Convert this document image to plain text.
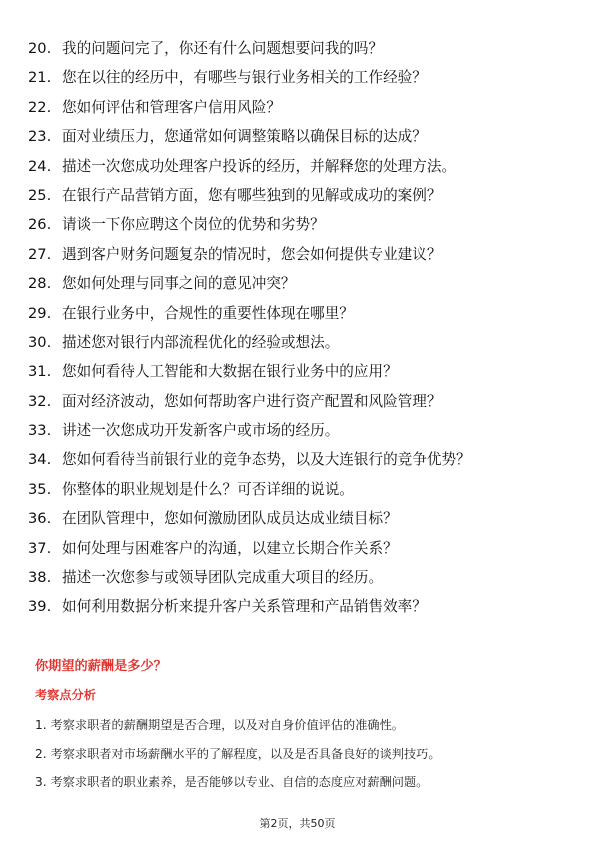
20. 我的问题问完了，你还有什么问题想要问我的吗？
21. 您在以往的经历中，有哪些与银行业务相关的工作经验？
22. 您如何评估和管理客户信用风险？
23. 面对业绩压力，您通常如何调整策略以确保目标的达成？
24. 描述一次您成功处理客户投诉的经历，并解释您的处理方法。
25. 在银行产品营销方面，您有哪些独到的见解或成功的案例？
26. 请谈一下你应聘这个岗位的优势和劣势？
27. 遇到客户财务问题复杂的情况时，您会如何提供专业建议？
28. 您如何处理与同事之间的意见冲突？
29. 在银行业务中，合规性的重要性体现在哪里？
30. 描述您对银行内部流程优化的经验或想法。
31. 您如何看待人工智能和大数据在银行业务中的应用？
32. 面对经济波动，您如何帮助客户进行资产配置和风险管理？
33. 讲述一次您成功开发新客户或市场的经历。
34. 您如何看待当前银行业的竞争态势，以及大连银行的竞争优势？
35. 你整体的职业规划是什么？可否详细的说说。
36. 在团队管理中，您如何激励团队成员达成业绩目标？
37. 如何处理与困难客户的沟通，以建立长期合作关系？
38. 描述一次您参与或领导团队完成重大项目的经历。
39. 如何利用数据分析来提升客户关系管理和产品销售效率？
你期望的薪酬是多少？
考察点分析
1. 考察求职者的薪酬期望是否合理，以及对自身价值评估的准确性。
2. 考察求职者对市场薪酬水平的了解程度，以及是否具备良好的谈判技巧。
3. 考察求职者的职业素养，是否能够以专业、自信的态度应对薪酬问题。
第2页，共50页
